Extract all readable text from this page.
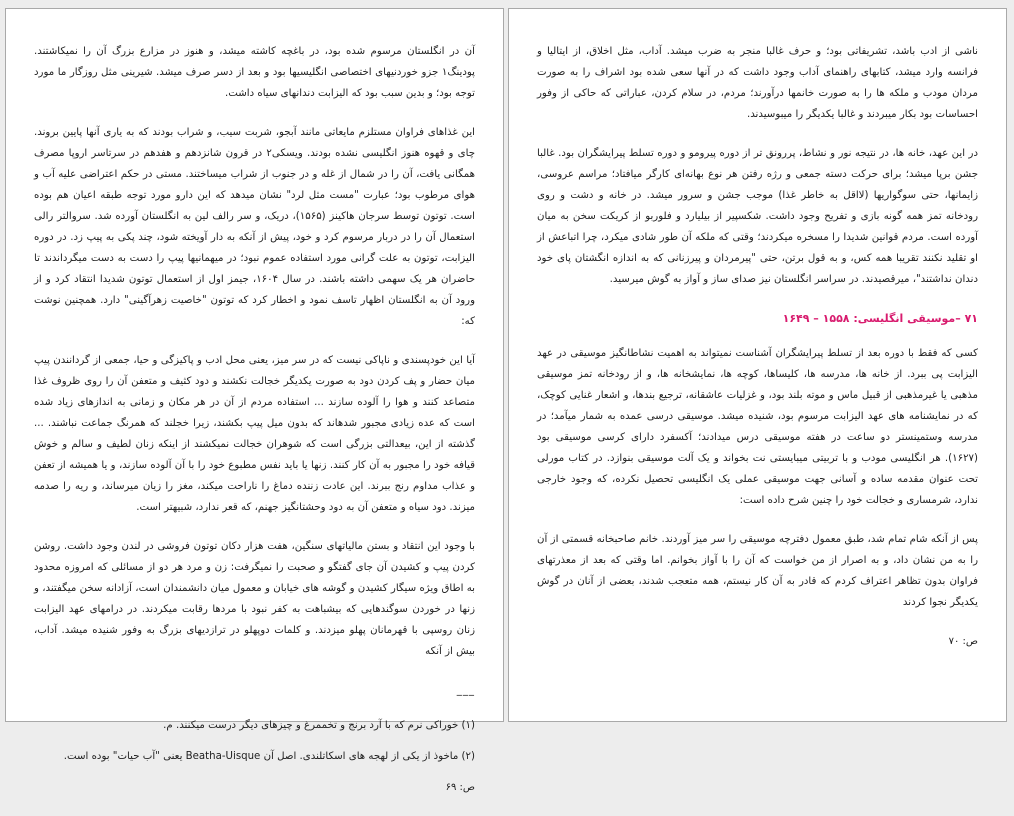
آن در انگلستان مرسوم شده بود، در باغچه کاشته میشد، و هنوز در مزارع بزرگ آن را نمیکاشتند. پودینگ۱ جزو خوردنیهای اختصاصی انگلیسیها بود و بعد از دسر صرف میشد. شیرینی مثل روزگار ما مورد توجه بود؛ و بدین سبب بود که الیزابت دندانهای سیاه داشت.

این غذاهای فراوان مستلزم مایعاتی مانند آبجو، شربت سیب، و شراب بودند که به یاری آنها پایین بروند. چای و قهوه هنوز انگلیسی نشده بودند. ویسکی۲ در قرون شانزدهم و هفدهم در سرتاسر اروپا مصرف همگانی یافت، آن را در شمال از غله و در جنوب از شراب میساختند. مستی در حکم اعتراضی علیه آب و هوای مرطوب بود؛ عبارت "مست مثل لرد" نشان میدهد که این دارو مورد توجه طبقه اعیان هم بوده است. توتون توسط سرجان هاکینز (۱۵۶۵)، دریک، و سر رالف لین به انگلستان آورده شد. سروالتر رالی استعمال آن را در دربار مرسوم کرد و خود، پیش از آنکه به دار آویخته شود، چند پکی به پیپ زد. در دوره الیزابت، توتون به علت گرانی مورد استفاده عموم نبود؛ در میهمانیها پیپ را دست به دست میگرداندند تا حاضران هر یک سهمی داشته باشند. در سال ۱۶۰۴، جیمز اول از استعمال توتون شدیدا انتقاد کرد و از ورود آن به انگلستان اظهار تاسف نمود و اخطار کرد که توتون "خاصیت زهرآگینی" دارد. همچنین نوشت که:

آیا این خودپسندی و ناپاکی نیست که در سر میز، یعنی محل ادب و پاکیزگی و حیا، جمعی از گردانندن پیپ میان حضار و پف کردن دود به صورت یکدیگر خجالت نکشند و دود کثیف و متعفن آن را روی ظروف غذا متصاعد کنند و هوا را آلوده سازند ... استفاده مردم از آن در هر مکان و زمانی به اندازهای زیاد شده است که عده زیادی مجبور شدهاند که بدون میل پیپ بکشند، زیرا خجلند که همرنگ جماعت نباشند. ... گذشته از این، بیعدالتی بزرگی است که شوهران خجالت نمیکشند از اینکه زنان لطیف و سالم و خوش قیافه خود را مجبور به آن کار کنند. زنها یا باید نفس مطبوع خود را با آن آلوده سازند، و یا همیشه از تعفن و عذاب مداوم رنج ببرند. این عادت زننده دماغ را ناراحت میکند، مغز را زیان میرساند، و ریه را صدمه میزند. دود سیاه و متعفن آن به دود وحشتانگیز جهنم، که قعر ندارد، شبیهتر است.

با وجود این انتقاد و بستن مالیاتهای سنگین، هفت هزار دکان توتون فروشی در لندن وجود داشت. روشن کردن پیپ و کشیدن آن جای گفتگو و صحبت را نمیگرفت: زن و مرد هر دو از مسائلی که امروزه محدود به اطاق ویژه سیگار کشیدن و گوشه های خیابان و معمول میان دانشمندان است، آزادانه سخن میگفتند، و زنها در خوردن سوگندهایی که بیشباهت به کفر نبود با مردها رقابت میکردند. در درامهای عهد الیزابت زنان روسپی با قهرمانان پهلو میزدند. و کلمات دوپهلو در ترازدیهای بزرگ به وفور شنیده میشد. آداب، بیش از آنکه

___

(۱) خوراکی نرم که با آرد برنج و تخممرغ و چیزهای دیگر درست میکنند. م.

(۲) ماخوذ از یکی از لهجه های اسکاتلندی. اصل آن Beatha-Uisque یعنی "آب حیات" بوده است.

ص: ۶۹

ناشی از ادب باشد، تشریفاتی بود؛ و حرف غالبا منجر به ضرب میشد. آداب، مثل اخلاق، از ایتالیا و فرانسه وارد میشد، کتابهای راهنمای آداب وجود داشت که در آنها سعی شده بود اشراف را به صورت مردان مودب و ملکه ها را به صورت خانمها درآورند؛ مردم، در سلام کردن، عباراتی که حاکی از وفور احساسات بود بکار میبردند و غالبا یکدیگر را میبوسیدند.

در این عهد، خانه ها، در نتیجه نور و نشاط، پررونق تر از دوره پیرومو و دوره تسلط پیرایشگران بود. غالبا جشن برپا میشد؛ برای حرکت دسته جمعی و رژه رفتن هر نوع بهانه‌ای کارگر میافتاد؛ مراسم عروسی، زایمانها، حتی سوگواریها (لااقل به خاطر غذا) موجب جشن و سرور میشد. در خانه و دشت و روی رودخانه تمز همه گونه بازی و تفریح وجود داشت. شکسپیر از بیلیارد و فلوربو از کریکت سخن به میان آورده است. مردم قوانین شدیدا را مسخره میکردند؛ وقتی که ملکه آن طور شادی میکرد، چرا اتباعش از او تقلید نکنند تقریبا همه کس، و به قول برتن، حتی "پیرمردان و پیرزنانی که به اندازه انگشتان پای خود دندان نداشتند"، میرقصیدند. در سراسر انگلستان نیز صدای ساز و آواز به گوش میرسید.

۷۱ –موسیقی انگلیسی: ۱۵۵۸ – ۱۶۴۹

کسی که فقط با دوره بعد از تسلط پیرایشگران آشناست نمیتواند به اهمیت نشاطانگیز موسیقی در عهد الیزابت پی ببرد. از خانه ها، مدرسه ها، کلیساها، کوچه ها، نمایشخانه ها، و از رودخانه تمز موسیقی مذهبی یا غیرمذهبی از قبیل ماس و موته بلند بود، و غزلیات عاشقانه، ترجیع بندها، و اشعار غنایی کوچک، که در نمایشنامه های عهد الیزابت مرسوم بود، شنیده میشد. موسیقی درسی عمده به شمار میآمد؛ در مدرسه وستمینستر دو ساعت در هفته موسیقی درس میدادند؛ آکسفرد دارای کرسی موسیقی بود (۱۶۲۷). هر انگلیسی مودب و با تربیتی میبایستی نت بخواند و یک آلت موسیقی بنوازد. در کتاب مورلی تحت عنوان مقدمه ساده و آسانی جهت موسیقی عملی یک انگلیسی تحصیل نکرده، که وجود خارجی ندارد، شرمساری و خجالت خود را چنین شرح داده است:

پس از آنکه شام تمام شد، طبق معمول دفترچه موسیقی را سر میز آوردند. خانم صاحبخانه قسمتی از آن را به من نشان داد، و به اصرار از من خواست که آن را با آواز بخوانم. اما وقتی که بعد از معذرتهای فراوان بدون تظاهر اعتراف کردم که قادر به آن کار نیستم، همه متعجب شدند، بعضی از آنان در گوش یکدیگر نجوا کردند

ص: ۷۰
